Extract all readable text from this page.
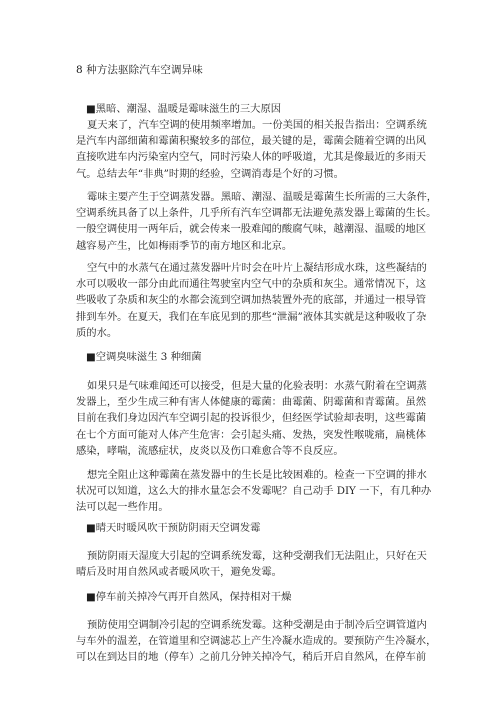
8 种方法驱除汽车空调异味
■黑暗、潮湿、温暖是霉味滋生的三大原因
夏天来了，汽车空调的使用频率增加。一份美国的相关报告指出：空调系统
是汽车内部细菌和霉菌积聚较多的部位，最关键的是，霉菌会随着空调的出风
直接吹进车内污染室内空气，同时污染人体的呼吸道，尤其是像最近的多雨天
气。总结去年“非典”时期的经验，空调消毒是个好的习惯。
霉味主要产生于空调蒸发器。黑暗、潮湿、温暖是霉菌生长所需的三大条件，
空调系统具备了以上条件，几乎所有汽车空调都无法避免蒸发器上霉菌的生长。
一般空调使用一两年后，就会传来一股难闻的酸腐气味，越潮湿、温暖的地区
越容易产生，比如梅雨季节的南方地区和北京。
空气中的水蒸气在通过蒸发器叶片时会在叶片上凝结形成水珠，这些凝结的
水可以吸收一部分由此而通往驾驶室内空气中的杂质和灰尘。通常情况下，这
些吸收了杂质和灰尘的水都会流到空调加热装置外壳的底部，并通过一根导管
排到车外。在夏天，我们在车底见到的那些“泄漏”液体其实就是这种吸收了杂
质的水。
■空调臭味滋生 3 种细菌
如果只是气味难闻还可以接受，但是大量的化验表明：水蒸气附着在空调蒸
发器上，至少生成三种有害人体健康的霉菌：曲霉菌、阴霉菌和青霉菌。虽然
目前在我们身边因汽车空调引起的投诉很少，但经医学试验却表明，这些霉菌
在七个方面可能对人体产生危害：会引起头痛、发热，突发性喉咙痛，扁桃体
感染，哮喘，流感症状，皮炎以及伤口难愈合等不良反应。
想完全阻止这种霉菌在蒸发器中的生长是比较困难的。检查一下空调的排水
状况可以知道，这么大的排水量怎会不发霉呢？自己动手 DIY 一下，有几种办
法可以起一些作用。
■晴天时暖风吹干预防阴雨天空调发霉
预防阴雨天湿度大引起的空调系统发霉，这种受潮我们无法阻止，只好在天
晴后及时用自然风或者暖风吹干，避免发霉。
■停车前关掉冷气再开自然风，保持相对干燥
预防使用空调制冷引起的空调系统发霉。这种受潮是由于制冷后空调管道内
与车外的温差，在管道里和空调滤芯上产生冷凝水造成的。要预防产生冷凝水，
可以在到达目的地（停车）之前几分钟关掉冷气，稍后开启自然风，在停车前
